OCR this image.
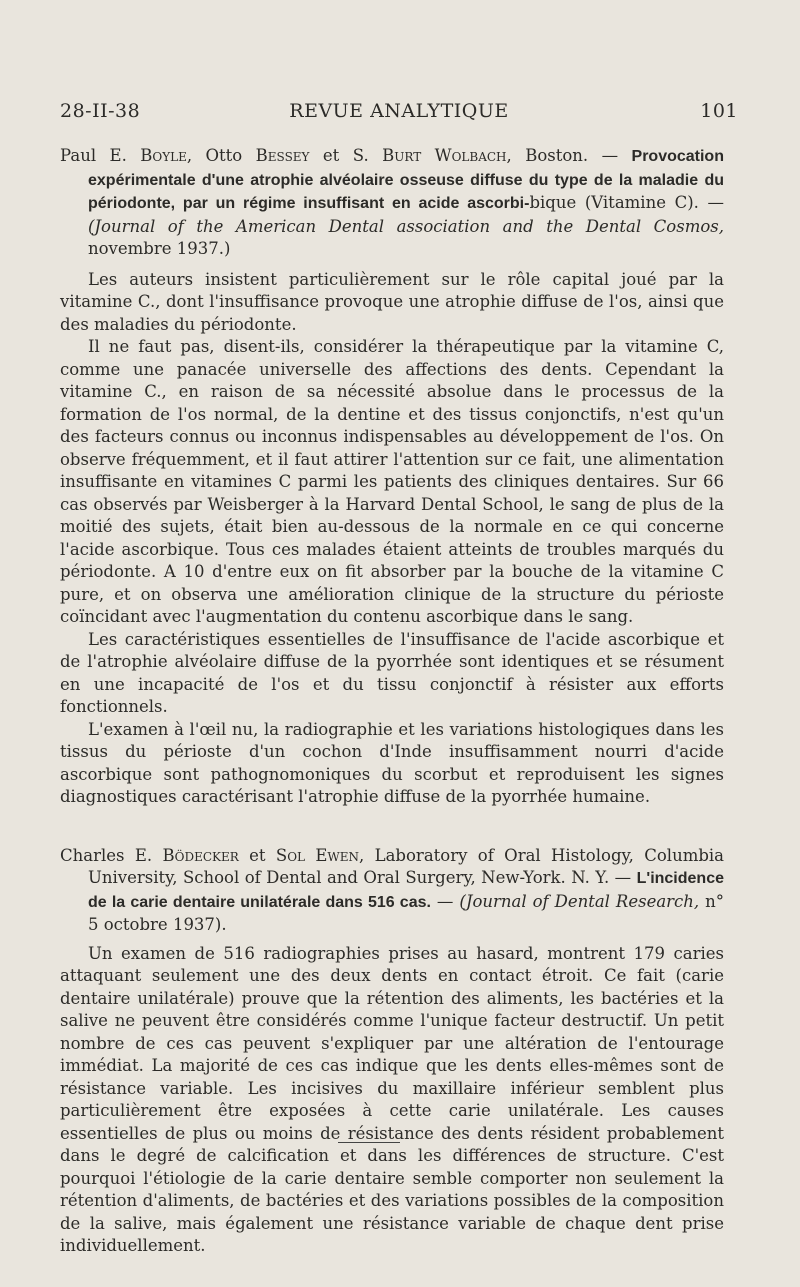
28-II-38	REVUE ANALYTIQUE	101

Paul E. Boyle, Otto Bessey et S. Burt Wolbach, Boston. — Provocation expérimentale d'une atrophie alvéolaire osseuse diffuse du type de la maladie du périodonte, par un régime insuffisant en acide ascorbi-bique (Vitamine C). — (Journal of the American Dental association and the Dental Cosmos, novembre 1937.)

Les auteurs insistent particulièrement sur le rôle capital joué par la vitamine C., dont l'insuffisance provoque une atrophie diffuse de l'os, ainsi que des maladies du périodonte.

Il ne faut pas, disent-ils, considérer la thérapeutique par la vitamine C, comme une panacée universelle des affections des dents. Cependant la vitamine C., en raison de sa nécessité absolue dans le processus de la formation de l'os normal, de la dentine et des tissus conjonctifs, n'est qu'un des facteurs connus ou inconnus indispensables au développement de l'os. On observe fréquemment, et il faut attirer l'attention sur ce fait, une alimentation insuffisante en vitamines C parmi les patients des cliniques dentaires. Sur 66 cas observés par Weisberger à la Harvard Dental School, le sang de plus de la moitié des sujets, était bien au-dessous de la normale en ce qui concerne l'acide ascorbique. Tous ces malades étaient atteints de troubles marqués du périodonte. A 10 d'entre eux on fit absorber par la bouche de la vitamine C pure, et on observa une amélioration clinique de la structure du périoste coïncidant avec l'augmentation du contenu ascorbique dans le sang.

Les caractéristiques essentielles de l'insuffisance de l'acide ascorbique et de l'atrophie alvéolaire diffuse de la pyorrhée sont identiques et se résument en une incapacité de l'os et du tissu conjonctif à résister aux efforts fonctionnels.

L'examen à l'œil nu, la radiographie et les variations histologiques dans les tissus du périoste d'un cochon d'Inde insuffisamment nourri d'acide ascorbique sont pathognomoniques du scorbut et reproduisent les signes diagnostiques caractérisant l'atrophie diffuse de la pyorrhée humaine.

Charles E. Bödecker et Sol Ewen, Laboratory of Oral Histology, Columbia University, School of Dental and Oral Surgery, New-York. N. Y. — L'incidence de la carie dentaire unilatérale dans 516 cas. — (Journal of Dental Research, n° 5 octobre 1937).

Un examen de 516 radiographies prises au hasard, montrent 179 caries attaquant seulement une des deux dents en contact étroit. Ce fait (carie dentaire unilatérale) prouve que la rétention des aliments, les bactéries et la salive ne peuvent être considérés comme l'unique facteur destructif. Un petit nombre de ces cas peuvent s'expliquer par une altération de l'entourage immédiat. La majorité de ces cas indique que les dents elles-mêmes sont de résistance variable. Les incisives du maxillaire inférieur semblent plus particulièrement être exposées à cette carie unilatérale. Les causes essentielles de plus ou moins de résistance des dents résident probablement dans le degré de calcification et dans les différences de structure. C'est pourquoi l'étiologie de la carie dentaire semble comporter non seulement la rétention d'aliments, de bactéries et des variations possibles de la composition de la salive, mais également une résistance variable de chaque dent prise individuellement.
